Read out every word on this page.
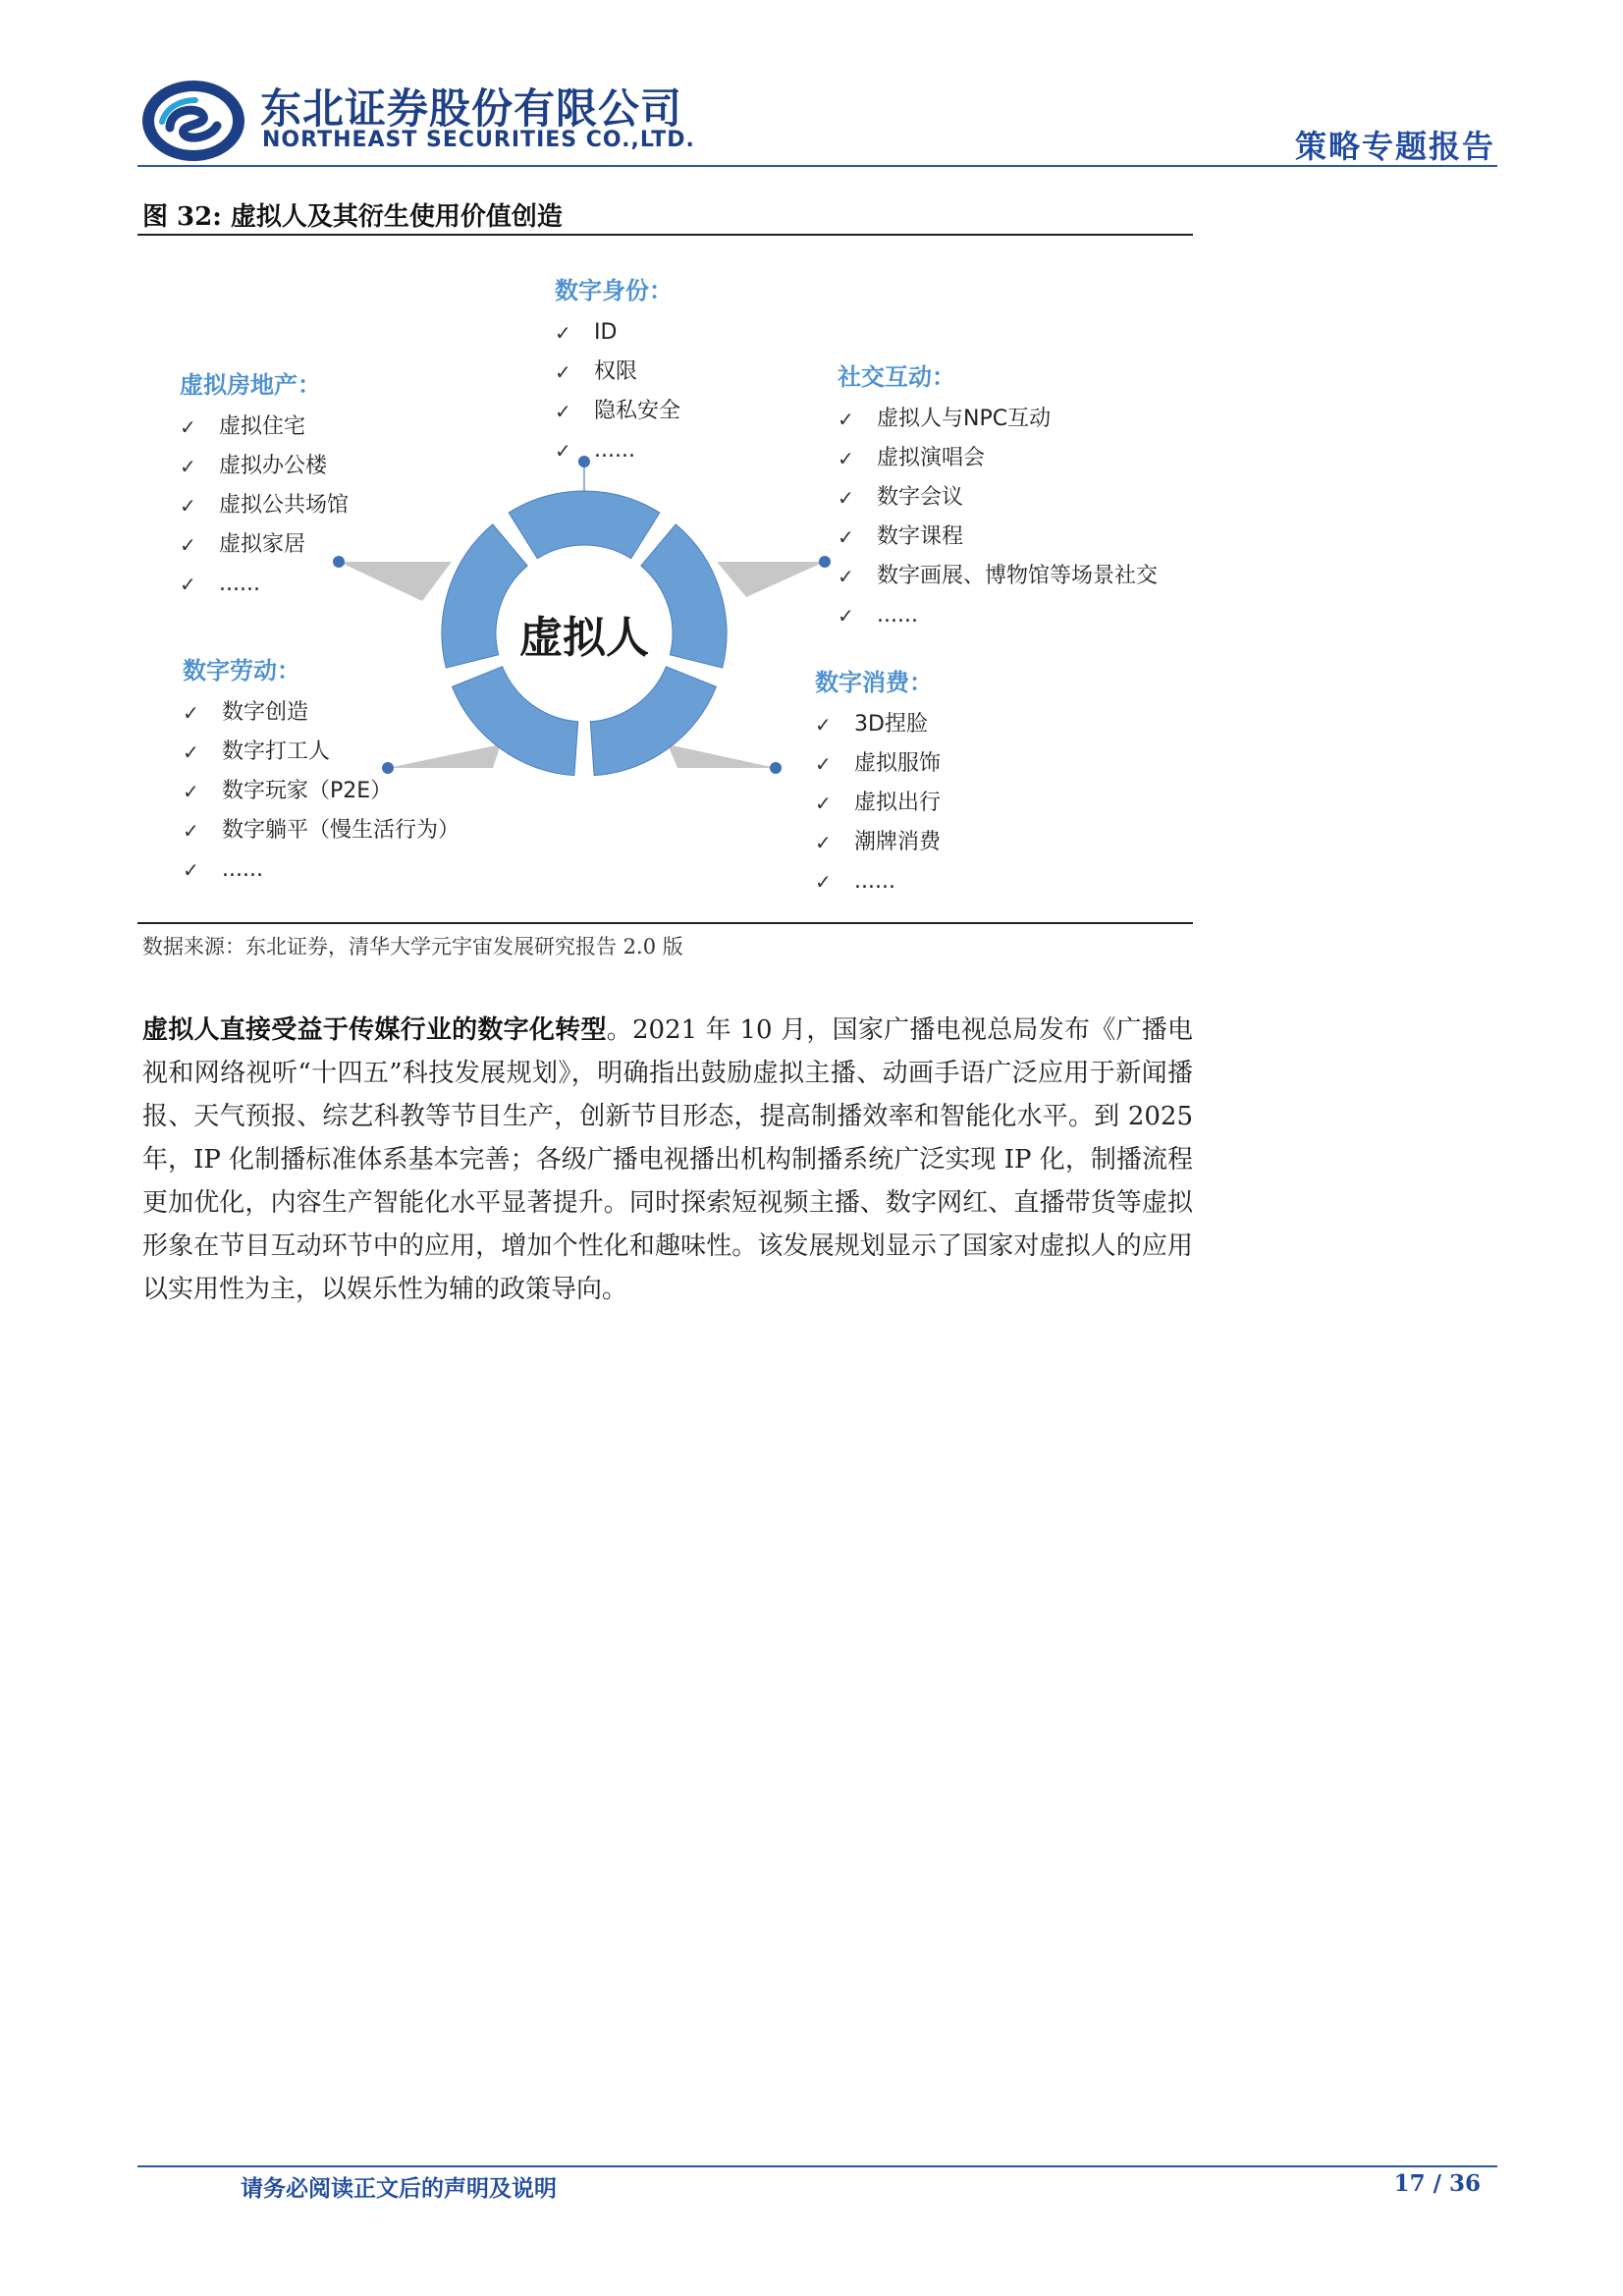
东北证券股份有限公司
NORTHEAST SECURITIES CO.,LTD.	策略专题报告
图 32: 虚拟人及其衍生使用价值创造
虚拟人
数字身份：
✓	ID
✓	权限
✓	隐私安全
✓	......
虚拟房地产：
✓	虚拟住宅
✓	虚拟办公楼
✓	虚拟公共场馆
✓	虚拟家居
✓	......
社交互动：
✓	虚拟人与NPC互动
✓	虚拟演唱会
✓	数字会议
✓	数字课程
✓	数字画展、博物馆等场景社交
✓	......
数字劳动：
✓	数字创造
✓	数字打工人
✓	数字玩家（P2E）
✓	数字躺平（慢生活行为）
✓	......
数字消费：
✓	3D捏脸
✓	虚拟服饰
✓	虚拟出行
✓	潮牌消费
✓	......
数据来源：东北证券，清华大学元宇宙发展研究报告 2.0 版
虚拟人直接受益于传媒行业的数字化转型。2021 年 10 月，国家广播电视总局发布《广播电视和网络视听“十四五”科技发展规划》，明确指出鼓励虚拟主播、动画手语广泛应用于新闻播报、天气预报、综艺科教等节目生产，创新节目形态，提高制播效率和智能化水平。到 2025 年，IP 化制播标准体系基本完善；各级广播电视播出机构制播系统广泛实现 IP 化，制播流程更加优化，内容生产智能化水平显著提升。同时探索短视频主播、数字网红、直播带货等虚拟形象在节目互动环节中的应用，增加个性化和趣味性。该发展规划显示了国家对虚拟人的应用以实用性为主，以娱乐性为辅的政策导向。
请务必阅读正文后的声明及说明	17 / 36
